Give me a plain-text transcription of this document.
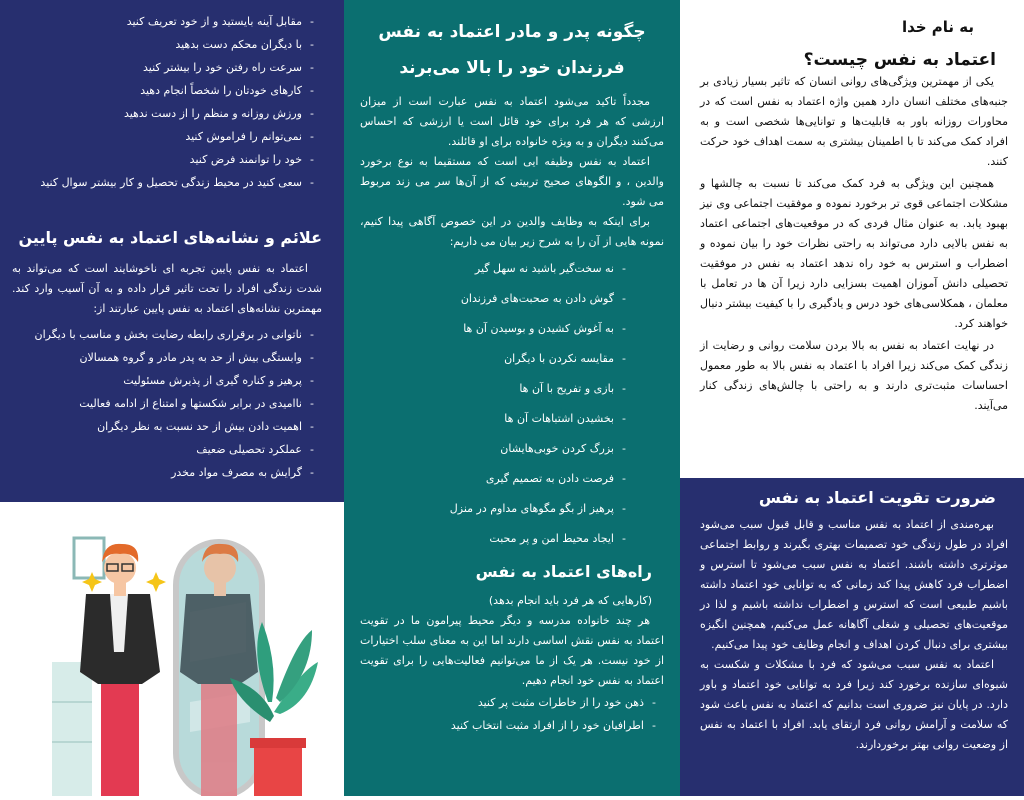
- مقابل آینه بایستید و از خود تعریف کنید
- با دیگران محکم دست بدهید
- سرعت راه رفتن خود را بیشتر کنید
- کارهای خودتان را شخصاً انجام دهید
- ورزش روزانه و منظم را از دست ندهید
- نمی‌توانم را فراموش کنید
- خود را توانمند فرض کنید
- سعی کنید در محیط زندگی تحصیل و کار بیشتر سوال کنید
علائم و نشانه‌های اعتماد به نفس پایین

اعتماد به نفس پایین تجربه ای ناخوشایند است که می‌تواند به شدت زندگی افراد را تحت تاثیر قرار داده و به آن آسیب وارد کند. مهمترین نشانه‌های اعتماد به نفس پایین عبارتند از:

- ناتوانی در برقراری رابطه رضایت بخش و مناسب با دیگران
- وابستگی بیش از حد به پدر مادر و گروه همسالان
- پرهیز و کناره گیری از پذیرش مسئولیت
- ناامیدی در برابر شکستها و امتناع از ادامه فعالیت
- اهمیت دادن بیش از حد نسبت به نظر دیگران
- عملکرد تحصیلی ضعیف
- گرایش به مصرف مواد مخدر
چگونه پدر و مادر اعتماد به نفس فرزندان خود را بالا می‌برند

مجدداً تاکید می‌شود اعتماد به نفس عبارت است از میزان ارزشی که هر فرد برای خود قائل است یا ارزشی که احساس می‌کنند دیگران و به ویژه خانواده برای او قائلند.

اعتماد به نفس وظیفه ایی است که مستقیما به نوع برخورد والدین ، و الگوهای صحیح تربیتی که از آن‌ها سر می زند مربوط می شود.

برای اینکه به وظایف والدین در این خصوص آگاهی پیدا کنیم، نمونه هایی از آن را به شرح زیر بیان می داریم:

- نه سخت‌گیر باشید نه سهل گیر
- گوش دادن به صحبت‌های فرزندان
- به آغوش کشیدن و بوسیدن آن ها
- مقایسه نکردن با دیگران
- بازی و تفریح با آن ها
- بخشیدن اشتباهات آن ها
- بزرگ کردن خوبی‌هایشان
- فرصت دادن به تصمیم گیری
- پرهیز از بگو مگوهای مداوم در منزل
- ایجاد محیط امن و پر محبت
راه‌های اعتماد به نفس
(کارهایی که هر فرد باید انجام بدهد)

هر چند خانواده مدرسه و دیگر محیط پیرامون ما در تقویت اعتماد به نفس نقش اساسی دارند اما این به معنای سلب اختیارات از خود نیست. هر یک از ما می‌توانیم فعالیت‌هایی را برای تقویت اعتماد به نفس خود انجام دهیم.

- ذهن خود را از خاطرات مثبت پر کنید
- اطرافیان خود را از افراد مثبت انتخاب کنید
به نام خدا
اعتماد به نفس چیست؟

یکی از مهمترین ویژگی‌های روانی انسان که تاثیر بسیار زیادی بر جنبه‌های مختلف انسان دارد همین واژه اعتماد به نفس است که در محاورات روزانه باور به قابلیت‌ها و توانایی‌ها شخصی است و به افراد کمک می‌کند تا با اطمینان بیشتری به سمت اهداف خود حرکت کنند.

همچنین این ویژگی به فرد کمک می‌کند تا نسبت به چالشها و مشکلات اجتماعی قوی تر برخورد نموده و موفقیت اجتماعی وی نیز بهبود یابد. به عنوان مثال فردی که در موقعیت‌های اجتماعی اعتماد به نفس بالایی دارد می‌تواند به راحتی نظرات خود را بیان نموده و اضطراب و استرس به خود راه ندهد اعتماد به نفس در موفقیت تحصیلی دانش آموزان اهمیت بسزایی دارد زیرا آن ها در تعامل با معلمان ، همکلاسی‌های خود درس و یادگیری را با کیفیت بیشتر دنبال خواهند کرد.

در نهایت اعتماد به نفس به بالا بردن سلامت روانی و رضایت از زندگی کمک می‌کند زیرا افراد با اعتماد به نفس بالا به طور معمول احساسات مثبت‌تری دارند و به راحتی با چالش‌های زندگی کنار می‌آیند.

ضرورت تقویت اعتماد به نفس

بهره‌مندی از اعتماد به نفس مناسب و قابل قبول سبب می‌شود افراد در طول زندگی خود تصمیمات بهتری بگیرند و روابط اجتماعی موثرتری داشته باشند. اعتماد به نفس سبب می‌شود تا استرس و اضطراب فرد کاهش پیدا کند زمانی که به توانایی خود اعتماد داشته باشیم طبیعی است که استرس و اضطراب نداشته باشیم و لذا در موقعیت‌های تحصیلی و شغلی آگاهانه عمل می‌کنیم، همچنین انگیزه بیشتری برای دنبال کردن اهداف و انجام وظایف خود پیدا می‌کنیم.

اعتماد به نفس سبب می‌شود که فرد با مشکلات و شکست به شیوه‌ای سازنده برخورد کند زیرا فرد به توانایی خود اعتماد و باور دارد. در پایان نیز ضروری است بدانیم که اعتماد به نفس باعث شود که سلامت و آرامش روانی فرد ارتقای یابد. افراد با اعتماد به نفس از وضعیت روانی بهتر برخوردارند.
